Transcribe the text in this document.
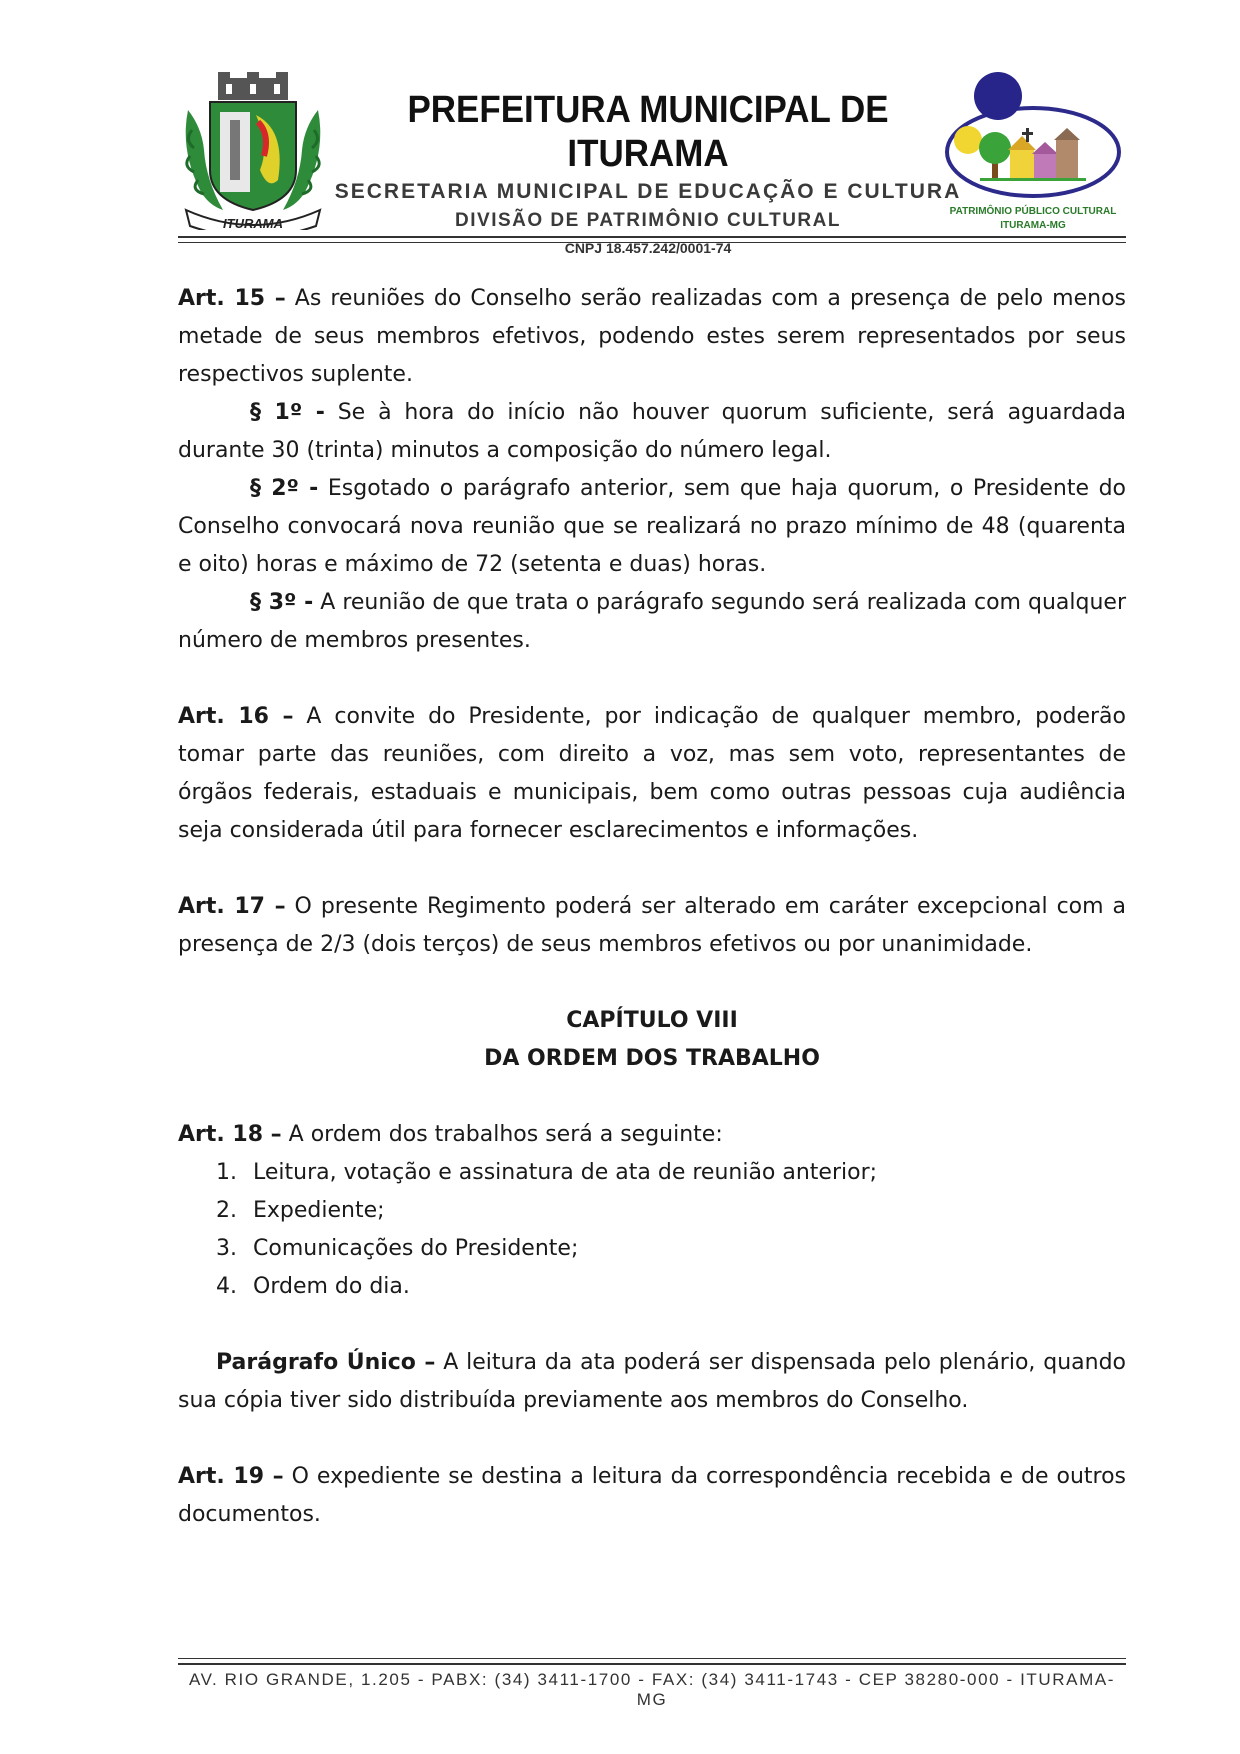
ITURAMA
PREFEITURA MUNICIPAL DE ITURAMA
SECRETARIA MUNICIPAL DE EDUCAÇÃO E CULTURA
DIVISÃO DE PATRIMÔNIO CULTURAL
CNPJ 18.457.242/0001-74
PATRIMÔNIO PÚBLICO CULTURAL
ITURAMA-MG

Art. 15 – As reuniões do Conselho serão realizadas com a presença de pelo menos metade de seus membros efetivos, podendo estes serem representados por seus respectivos suplente.

§ 1º - Se à hora do início não houver quorum suficiente, será aguardada durante 30 (trinta) minutos a composição do número legal.

§ 2º - Esgotado o parágrafo anterior, sem que haja quorum, o Presidente do Conselho convocará nova reunião que se realizará no prazo mínimo de 48 (quarenta e oito) horas e máximo de 72 (setenta e duas) horas.

§ 3º - A reunião de que trata o parágrafo segundo será realizada com qualquer número de membros presentes.

Art. 16 – A convite do Presidente, por indicação de qualquer membro, poderão tomar parte das reuniões, com direito a voz, mas sem voto, representantes de órgãos federais, estaduais e municipais, bem como outras pessoas cuja audiência seja considerada útil para fornecer esclarecimentos e informações.

Art. 17 – O presente Regimento poderá ser alterado em caráter excepcional com a presença de 2/3 (dois terços) de seus membros efetivos ou por unanimidade.

CAPÍTULO VIII

DA ORDEM DOS TRABALHO

Art. 18 – A ordem dos trabalhos será a seguinte:

1. Leitura, votação e assinatura de ata de reunião anterior;

2. Expediente;

3. Comunicações do Presidente;

4. Ordem do dia.

Parágrafo Único – A leitura da ata poderá ser dispensada pelo plenário, quando sua cópia tiver sido distribuída previamente aos membros do Conselho.

Art. 19 – O expediente se destina a leitura da correspondência recebida e de outros documentos.

AV. RIO GRANDE, 1.205 - PABX: (34) 3411-1700 - FAX: (34) 3411-1743 - CEP 38280-000 - ITURAMA-MG
